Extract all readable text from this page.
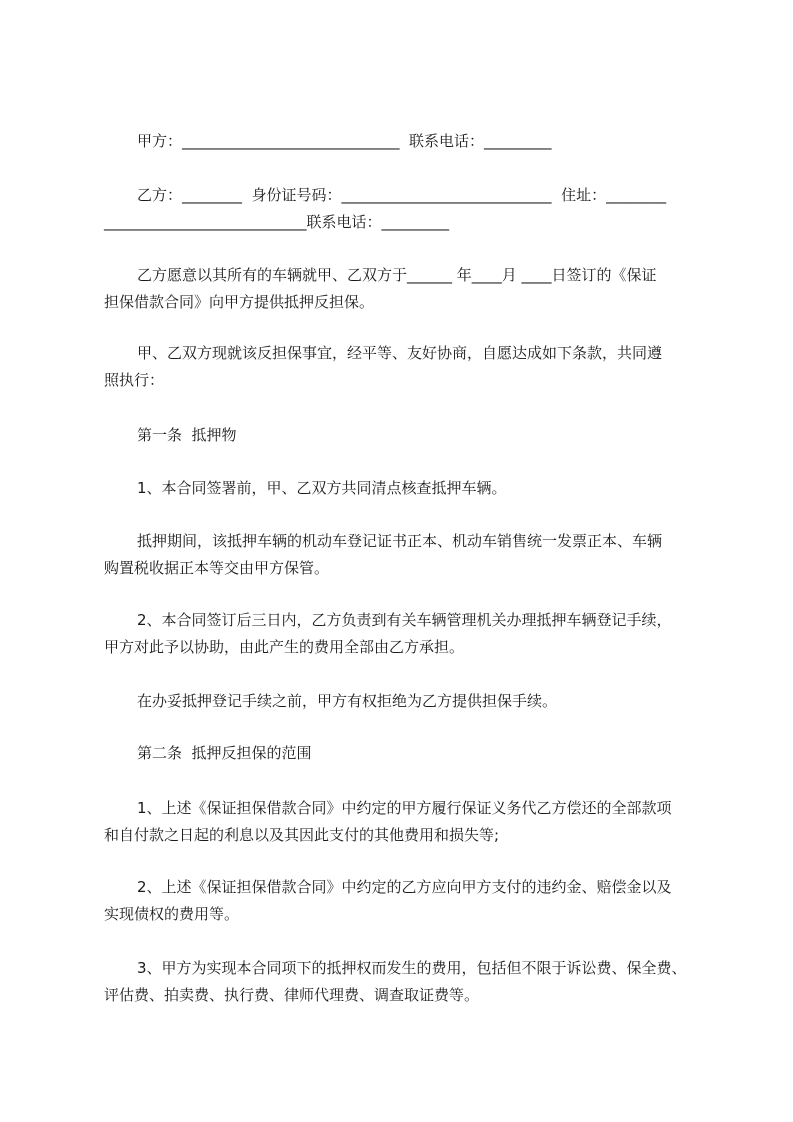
甲方：_____________________________  联系电话：_________
乙方：________  身份证号码：____________________________  住址：________
___________________________联系电话：_________
乙方愿意以其所有的车辆就甲、乙双方于______ 年____月 ____日签订的《保证
担保借款合同》向甲方提供抵押反担保。
甲、乙双方现就该反担保事宜，经平等、友好协商，自愿达成如下条款，共同遵
照执行：
第一条  抵押物
1、本合同签署前，甲、乙双方共同清点核查抵押车辆。
抵押期间，该抵押车辆的机动车登记证书正本、机动车销售统一发票正本、车辆
购置税收据正本等交由甲方保管。
2、本合同签订后三日内，乙方负责到有关车辆管理机关办理抵押车辆登记手续，
甲方对此予以协助，由此产生的费用全部由乙方承担。
在办妥抵押登记手续之前，甲方有权拒绝为乙方提供担保手续。
第二条  抵押反担保的范围
1、上述《保证担保借款合同》中约定的甲方履行保证义务代乙方偿还的全部款项
和自付款之日起的利息以及其因此支付的其他费用和损失等;
2、上述《保证担保借款合同》中约定的乙方应向甲方支付的违约金、赔偿金以及
实现债权的费用等。
3、甲方为实现本合同项下的抵押权而发生的费用，包括但不限于诉讼费、保全费、
评估费、拍卖费、执行费、律师代理费、调查取证费等。
